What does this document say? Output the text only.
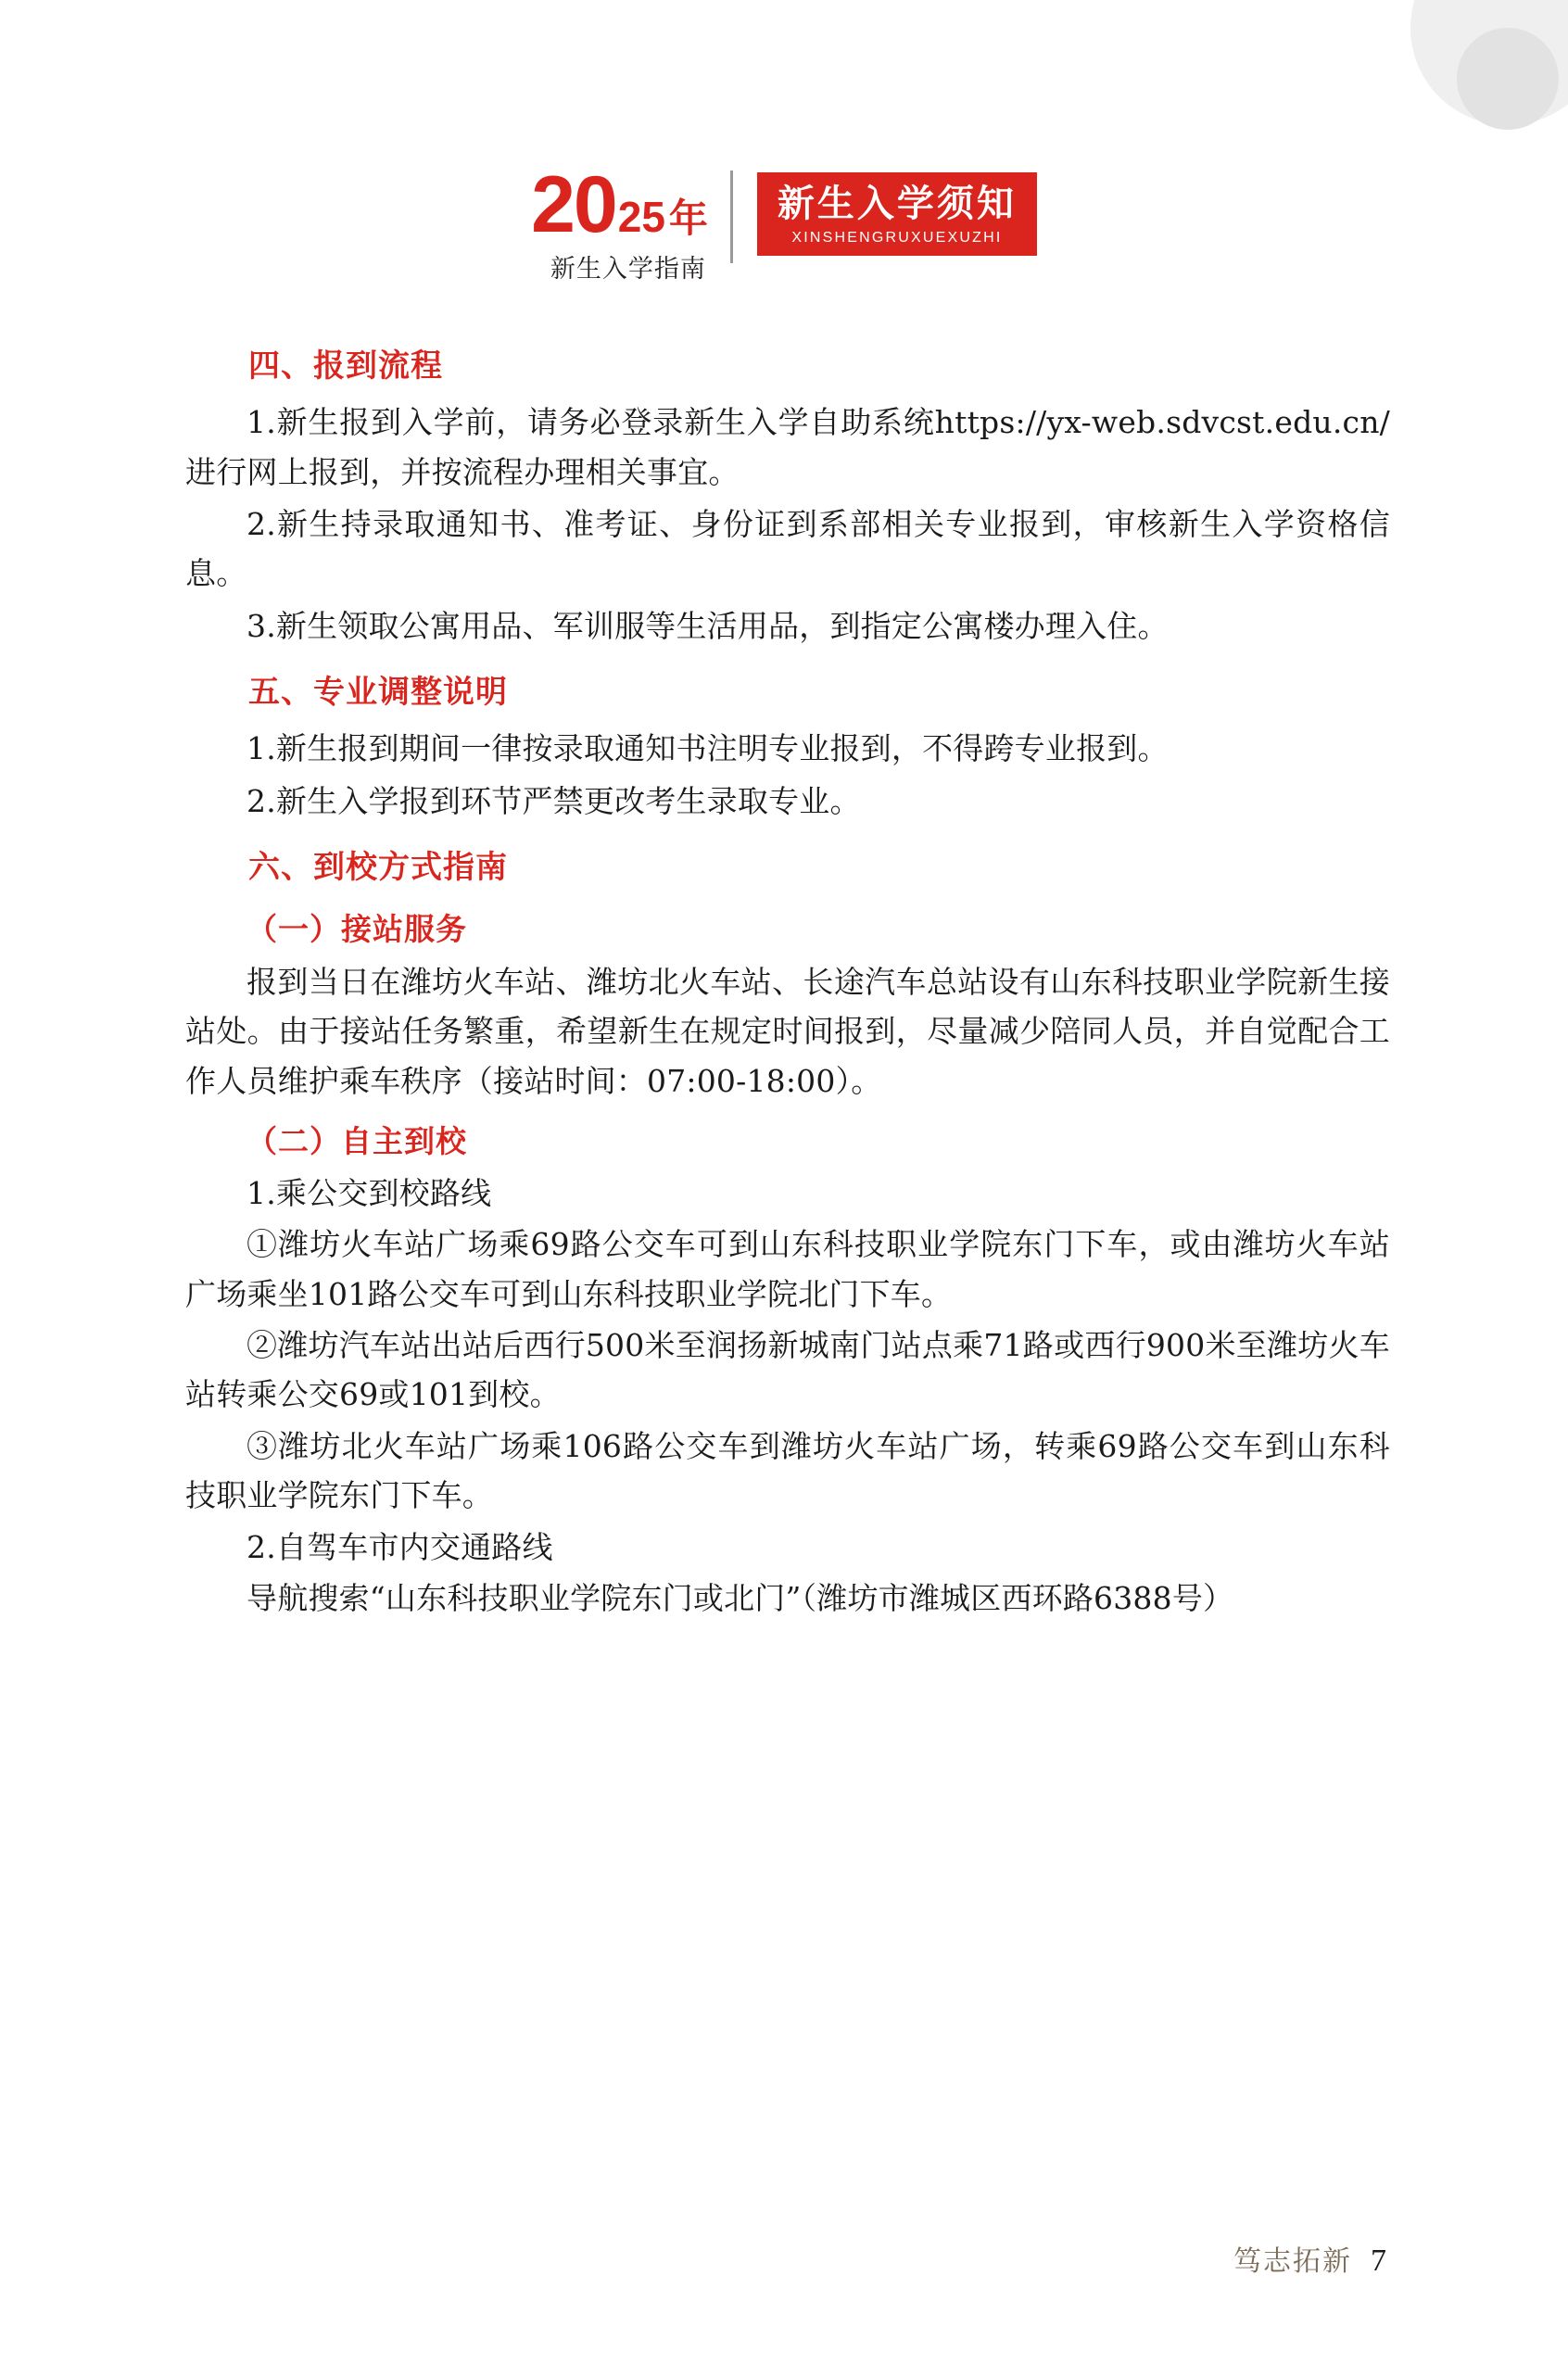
20 25 年
新生入学指南
新生入学须知
XINSHENGRUXUEXUZHI
四、报到流程

1.新生报到入学前，请务必登录新生入学自助系统https://yx-web.sdvcst.edu.cn/进行网上报到，并按流程办理相关事宜。

2.新生持录取通知书、准考证、身份证到系部相关专业报到，审核新生入学资格信息。

3.新生领取公寓用品、军训服等生活用品，到指定公寓楼办理入住。

五、专业调整说明

1.新生报到期间一律按录取通知书注明专业报到，不得跨专业报到。

2.新生入学报到环节严禁更改考生录取专业。

六、到校方式指南
（一）接站服务

报到当日在潍坊火车站、潍坊北火车站、长途汽车总站设有山东科技职业学院新生接站处。由于接站任务繁重，希望新生在规定时间报到，尽量减少陪同人员，并自觉配合工作人员维护乘车秩序（接站时间：07:00-18:00）。

（二）自主到校

1.乘公交到校路线

①潍坊火车站广场乘69路公交车可到山东科技职业学院东门下车，或由潍坊火车站广场乘坐101路公交车可到山东科技职业学院北门下车。

②潍坊汽车站出站后西行500米至润扬新城南门站点乘71路或西行900米至潍坊火车站转乘公交69或101到校。

③潍坊北火车站广场乘106路公交车到潍坊火车站广场，转乘69路公交车到山东科技职业学院东门下车。

2.自驾车市内交通路线

导航搜索“山东科技职业学院东门或北门”（潍坊市潍城区西环路6388号）

笃志拓新 7
